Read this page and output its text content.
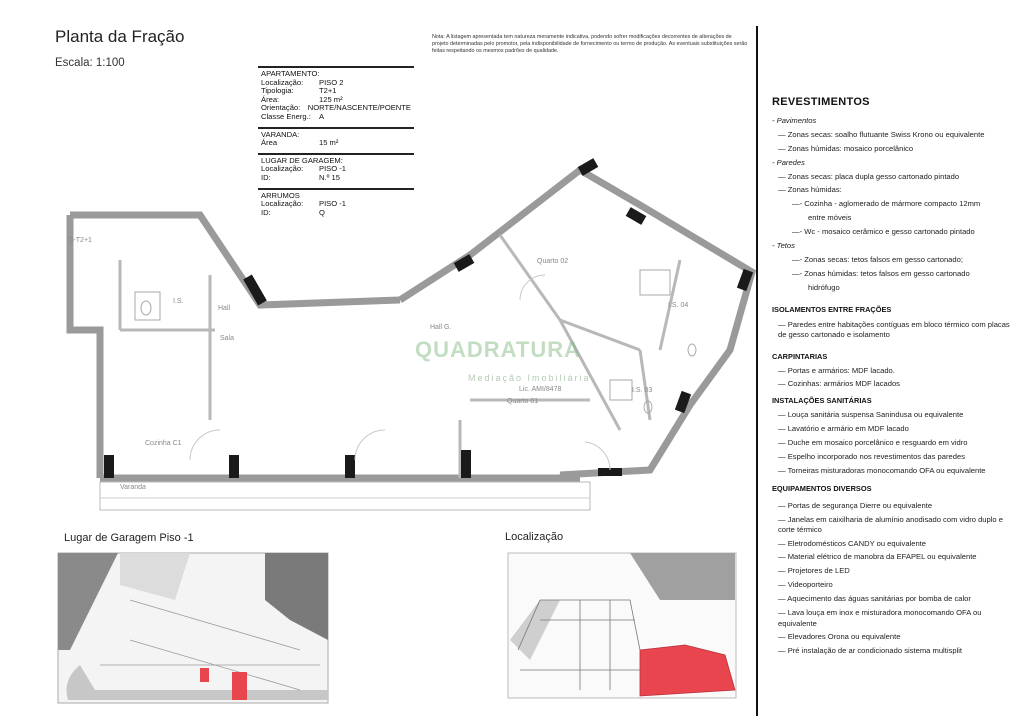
Planta da Fração
Escala: 1:100
Nota: A listagem apresentada tem natureza meramente indicativa, podendo sofrer modificações decorrentes de alterações de projeto determinadas pelo promotor, pela indisponibilidade de fornecimento ou termo de produção. As eventuais substituições serão feitas respeitando os mesmos padrões de qualidade.
APARTAMENTO:
Localização:	PISO 2
Tipologia:	T2+1
Área:	125 m²
Orientação: NORTE/NASCENTE/POENTE
Classe Energ.:	A
VARANDA:
Área	15 m²
LUGAR DE GARAGEM:
Localização:	PISO -1
ID:	N.º 15
ARRUMOS
Localização:	PISO -1
ID:	Q
Q-T2+1
I.S.
Hall
Sala
Cozinha C1
Varanda
Hall G.
Quarto 02
I.S. 04
I.S. 03
Quarto 01
Lic. AMI/8478
QUADRATURA
Mediação Imobiliária
Lugar de Garagem Piso -1	Localização
REVESTIMENTOS
- Pavimentos
— Zonas secas: soalho flutuante Swiss Krono ou equivalente
— Zonas húmidas: mosaico porcelânico
- Paredes
— Zonas secas: placa dupla gesso cartonado pintado
— Zonas húmidas:
—- Cozinha - aglomerado de mármore compacto 12mm
entre móveis
—- Wc - mosaico cerâmico e gesso cartonado pintado
- Tetos
—- Zonas secas: tetos falsos em gesso cartonado;
—- Zonas húmidas: tetos falsos em gesso cartonado
hidrófugo
ISOLAMENTOS ENTRE FRAÇÕES
— Paredes entre habitações contíguas em bloco térmico com placas de gesso cartonado e isolamento
CARPINTARIAS
— Portas e armários: MDF lacado.
— Cozinhas: armários MDF lacados
INSTALAÇÕES SANITÁRIAS
— Louça sanitária suspensa Sanindusa ou equivalente
— Lavatório e armário em MDF lacado
— Duche em mosaico porcelânico e resguardo em vidro
— Espelho incorporado nos revestimentos das paredes
— Torneiras misturadoras monocomando OFA ou equivalente
EQUIPAMENTOS DIVERSOS
— Portas de segurança Dierre ou equivalente
— Janelas em caixilharia de alumínio anodisado com vidro duplo e corte térmico
— Eletrodomésticos CANDY ou equivalente
— Material elétrico de manobra da EFAPEL ou equivalente
— Projetores de LED
— Videoporteiro
— Aquecimento das águas sanitárias por bomba de calor
— Lava louça em inox e misturadora monocomando OFA ou equivalente
— Elevadores Orona ou equivalente
— Pré instalação de ar condicionado sistema multisplit
